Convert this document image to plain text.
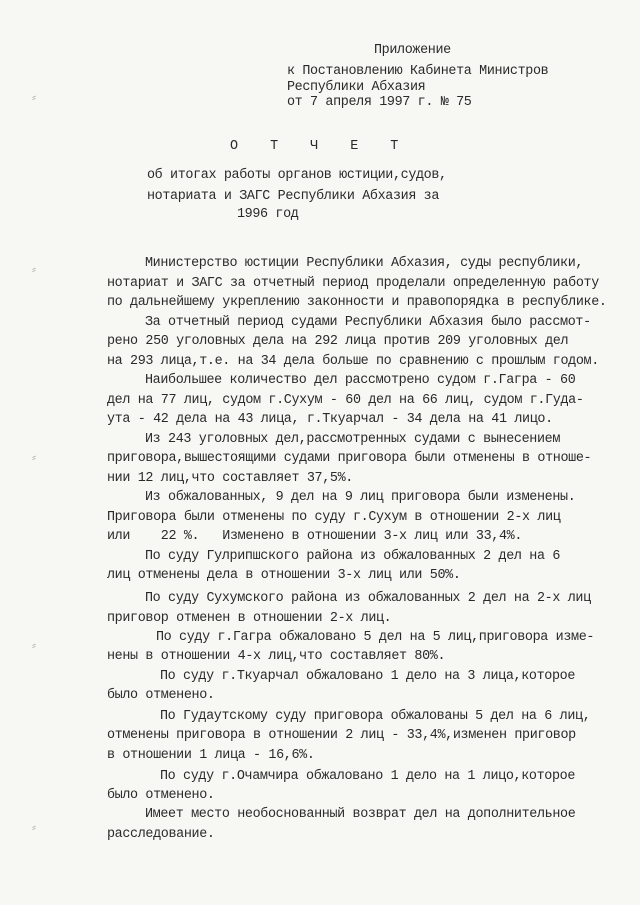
⸗
⸗
⸗
⸗
⸗
Приложение
к Постановлению Кабинета Министров
Республики Абхазия
от 7 апреля 1997 г. № 75
О Т Ч Е Т
об итогах работы органов юстиции,судов,
нотариата и ЗАГС Республики Абхазия за
1996 год
Министерство юстиции Республики Абхазия, суды республики,
нотариат и ЗАГС за отчетный период проделали определенную работу
по дальнейшему укреплению законности и правопорядка в республике.
За отчетный период судами Республики Абхазия было рассмот-
рено 250 уголовных дела на 292 лица против 209 уголовных дел
на 293 лица,т.е. на 34 дела больше по сравнению с прошлым годом.
Наибольшее количество дел рассмотрено судом г.Гагра - 60
дел на 77 лиц, судом г.Сухум - 60 дел на 66 лиц, судом г.Гуда-
ута - 42 дела на 43 лица, г.Ткуарчал - 34 дела на 41 лицо.
Из 243 уголовных дел,рассмотренных судами с вынесением
приговора,вышестоящими судами приговора были отменены в отноше-
нии 12 лиц,что составляет 37,5%.
Из обжалованных, 9 дел на 9 лиц приговора были изменены.
Приговора были отменены по суду г.Сухум в отношении 2-х лиц
или    22 %.   Изменено в отношении 3-х лиц или 33,4%.
По суду Гулрипшского района из обжалованных 2 дел на 6
лиц отменены дела в отношении 3-х лиц или 50%.
По суду Сухумского района из обжалованных 2 дел на 2-х лиц
приговор отменен в отношении 2-х лиц.
По суду г.Гагра обжаловано 5 дел на 5 лиц,приговора изме-
нены в отношении 4-х лиц,что составляет 80%.
По суду г.Ткуарчал обжаловано 1 дело на 3 лица,которое
было отменено.
По Гудаутскому суду приговора обжалованы 5 дел на 6 лиц,
отменены приговора в отношении 2 лиц - 33,4%,изменен приговор
в отношении 1 лица - 16,6%.
По суду г.Очамчира обжаловано 1 дело на 1 лицо,которое
было отменено.
Имеет место необоснованный возврат дел на дополнительное
расследование.
